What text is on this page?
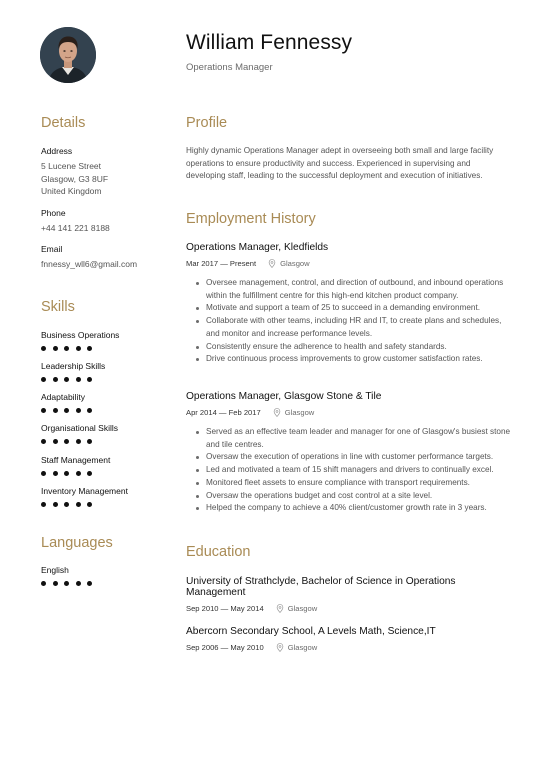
William Fennessy
Operations Manager
Details
Address
5 Lucene Street
Glasgow, G3 8UF
United Kingdom
Phone
+44 141 221 8188
Email
fnnessy_wll6@gmail.com
Skills
Business Operations
Leadership Skills
Adaptability
Organisational Skills
Staff Management
Inventory Management
Languages
English
Profile
Highly dynamic Operations Manager adept in overseeing both small and large facility operations to ensure productivity and success. Experienced in supervising and developing staff, leading to the successful deployment and execution of initiatives.
Employment History
Operations Manager, Kledfields
Mar 2017 — Present	Glasgow
Oversee management, control, and direction of outbound, and inbound operations within the fulfillment centre for this high-end kitchen product company.
Motivate and support a team of 25 to succeed in a demanding environment.
Collaborate with other teams, including HR and IT, to create plans and schedules, and monitor and increase performance levels.
Consistently ensure the adherence to health and safety standards.
Drive continuous process improvements to grow customer satisfaction rates.
Operations Manager, Glasgow Stone & Tile
Apr 2014 — Feb 2017	Glasgow
Served as an effective team leader and manager for one of Glasgow's busiest stone and tile centres.
Oversaw the execution of operations in line with customer performance targets.
Led and motivated a team of 15 shift managers and drivers to continually excel.
Monitored fleet assets to ensure compliance with transport requirements.
Oversaw the operations budget and cost control at a site level.
Helped the company to achieve a 40% client/customer growth rate in 3 years.
Education
University of Strathclyde, Bachelor of Science in Operations Management
Sep 2010 — May 2014	Glasgow
Abercorn Secondary School, A Levels Math, Science,IT
Sep 2006 — May 2010	Glasgow
